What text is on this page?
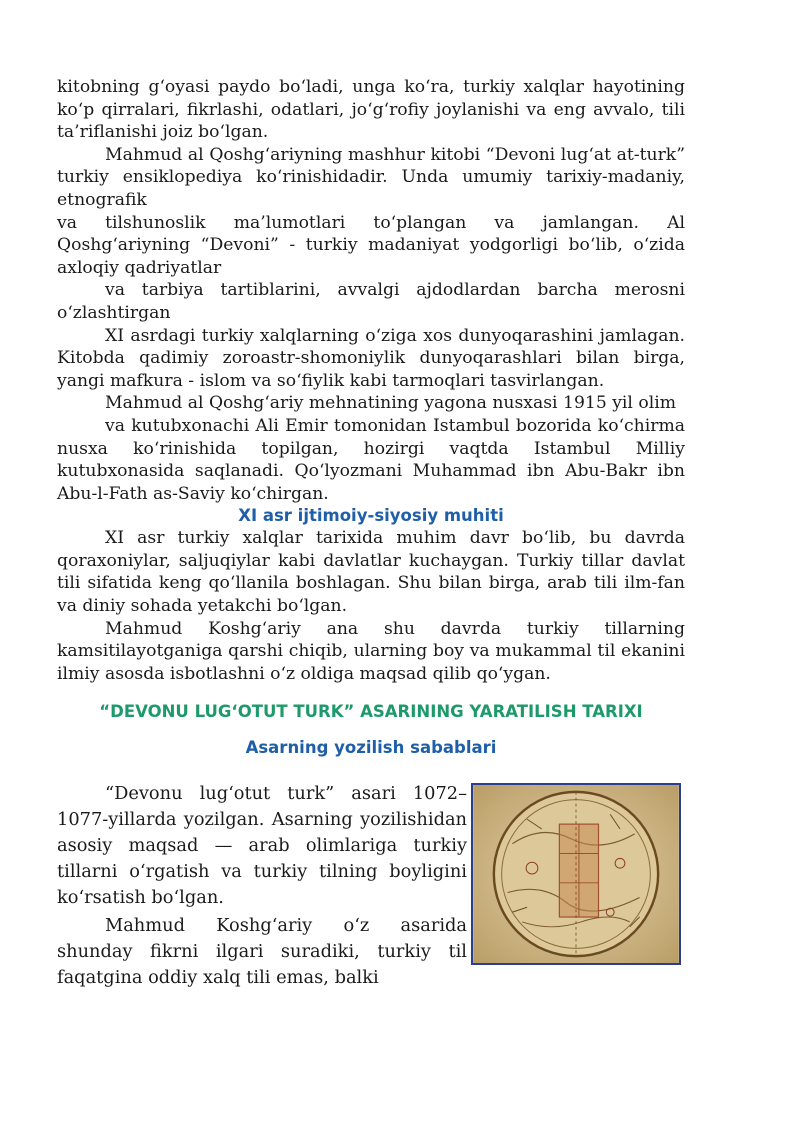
kitobning g‘oyasi paydo bo‘ladi, unga ko‘ra, turkiy xalqlar hayotining ko‘p qirralari, fikrlashi, odatlari, jo‘g‘rofiy joylanishi va eng avvalo, tili ta’riflanishi joiz bo‘lgan.

Mahmud al Qoshg‘ariyning mashhur kitobi “Devoni lug‘at at-turk” turkiy ensiklopediya ko‘rinishidadir. Unda umumiy tarixiy-madaniy, etnografik
va tilshunoslik ma’lumotlari to‘plangan va jamlangan. Al Qoshg‘ariyning “Devoni” - turkiy madaniyat yodgorligi bo‘lib, o‘zida axloqiy qadriyatlar
va tarbiya tartiblarini, avvalgi ajdodlardan barcha merosni o‘zlashtirgan
XI asrdagi turkiy xalqlarning o‘ziga xos dunyoqarashini jamlagan. Kitobda qadimiy zoroastr-shomoniylik dunyoqarashlari bilan birga, yangi mafkura - islom va so‘fiylik kabi tarmoqlari tasvirlangan.

Mahmud al Qoshg‘ariy mehnatining yagona nusxasi 1915 yil olim
va kutubxonachi Ali Emir tomonidan Istambul bozorida ko‘chirma nusxa ko‘rinishida topilgan, hozirgi vaqtda Istambul Milliy kutubxonasida saqlanadi. Qo‘lyozmani Muhammad ibn Abu-Bakr ibn Abu-l-Fath as-Saviy ko‘chirgan.

XI asr ijtimoiy-siyosiy muhiti

XI asr turkiy xalqlar tarixida muhim davr bo‘lib, bu davrda qoraxoniylar, saljuqiylar kabi davlatlar kuchaygan. Turkiy tillar davlat tili sifatida keng qo‘llanila boshlagan. Shu bilan birga, arab tili ilm-fan va diniy sohada yetakchi bo‘lgan.

Mahmud Koshg‘ariy ana shu davrda turkiy tillarning kamsitilayotganiga qarshi chiqib, ularning boy va mukammal til ekanini ilmiy asosda isbotlashni o‘z oldiga maqsad qilib qo‘ygan.

“DEVONU LUG‘OTUT TURK” ASARINING YARATILISH TARIXI
Asarning yozilish sabablari

“Devonu lug‘otut turk” asari 1072–1077-yillarda yozilgan. Asarning yozilishidan asosiy maqsad — arab olimlariga turkiy tillarni o‘rgatish va turkiy tilning boyligini ko‘rsatish bo‘lgan.

Mahmud Koshg‘ariy o‘z asarida shunday fikrni ilgari suradiki, turkiy til faqatgina oddiy xalq tili emas, balki
